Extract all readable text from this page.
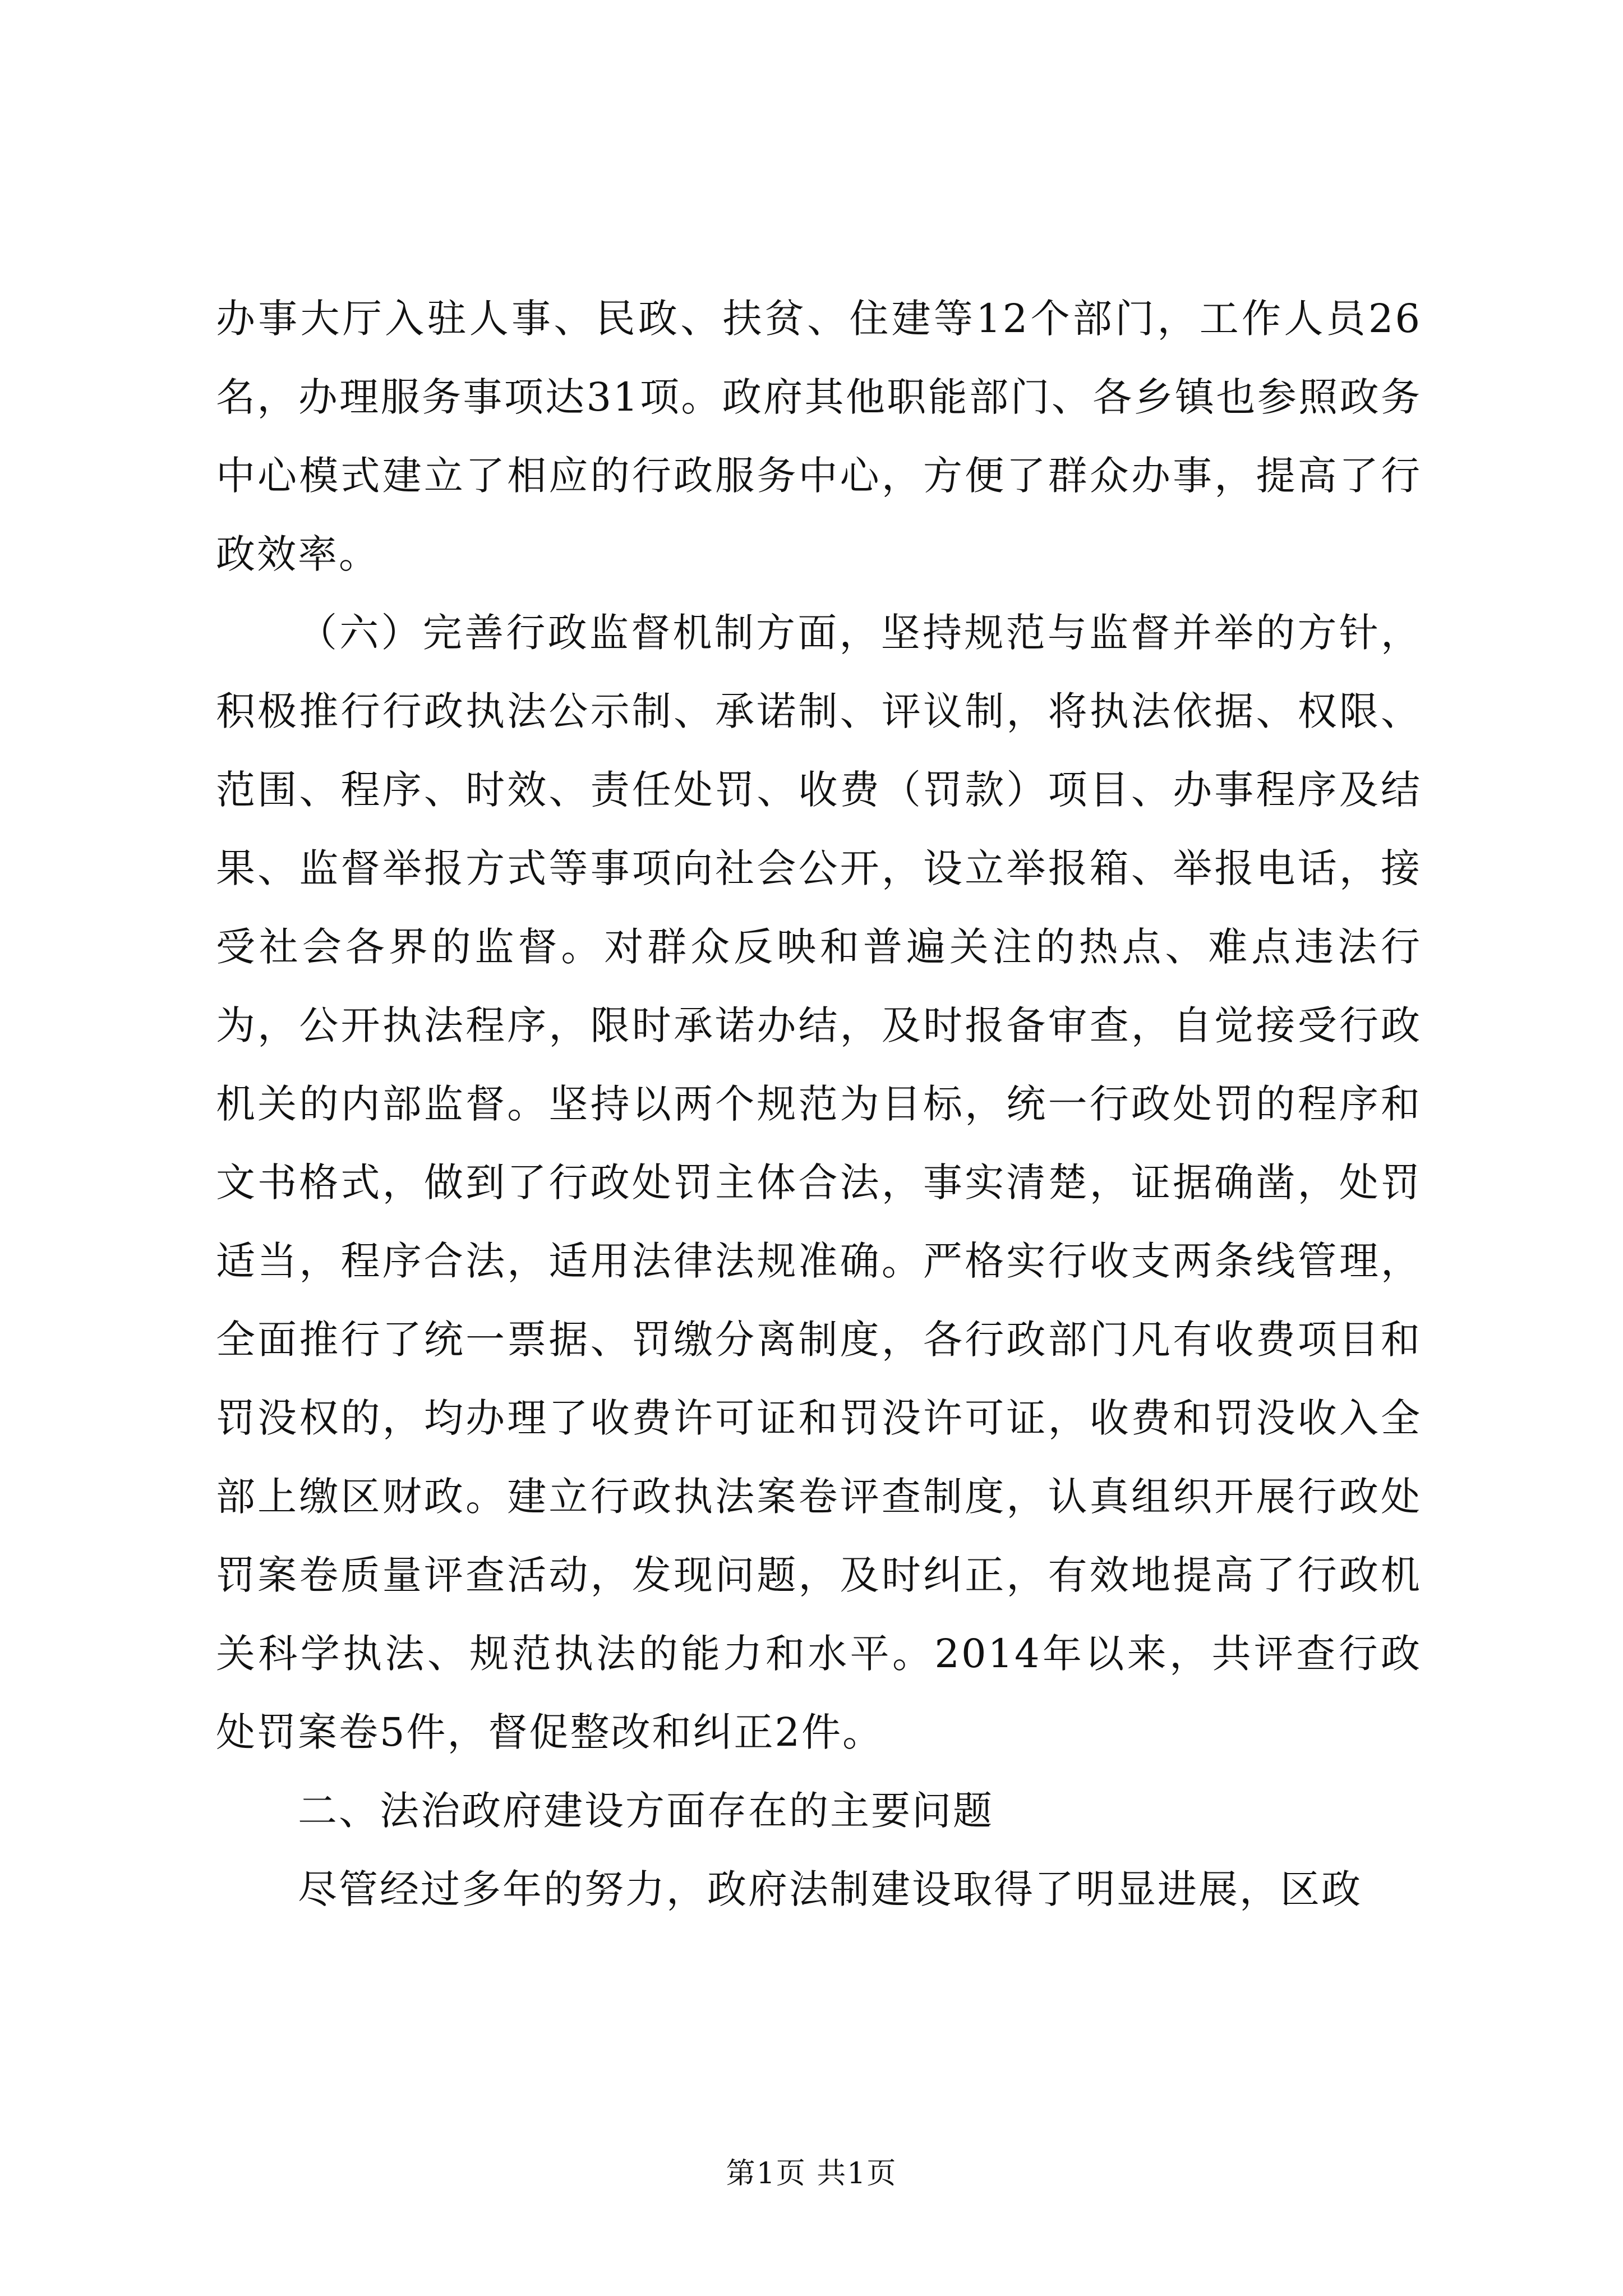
办事大厅入驻人事、民政、扶贫、住建等12个部门，工作人员26名，办理服务事项达31项。政府其他职能部门、各乡镇也参照政务中心模式建立了相应的行政服务中心，方便了群众办事，提高了行政效率。

（六）完善行政监督机制方面，坚持规范与监督并举的方针，积极推行行政执法公示制、承诺制、评议制，将执法依据、权限、范围、程序、时效、责任处罚、收费（罚款）项目、办事程序及结果、监督举报方式等事项向社会公开，设立举报箱、举报电话，接受社会各界的监督。对群众反映和普遍关注的热点、难点违法行为，公开执法程序，限时承诺办结，及时报备审查，自觉接受行政机关的内部监督。坚持以两个规范为目标，统一行政处罚的程序和文书格式，做到了行政处罚主体合法，事实清楚，证据确凿，处罚适当，程序合法，适用法律法规准确。严格实行收支两条线管理，全面推行了统一票据、罚缴分离制度，各行政部门凡有收费项目和罚没权的，均办理了收费许可证和罚没许可证，收费和罚没收入全部上缴区财政。建立行政执法案卷评查制度，认真组织开展行政处罚案卷质量评查活动，发现问题，及时纠正，有效地提高了行政机关科学执法、规范执法的能力和水平。2014年以来，共评查行政处罚案卷5件，督促整改和纠正2件。

二、法治政府建设方面存在的主要问题

尽管经过多年的努力，政府法制建设取得了明显进展，区政

第1页 共1页
